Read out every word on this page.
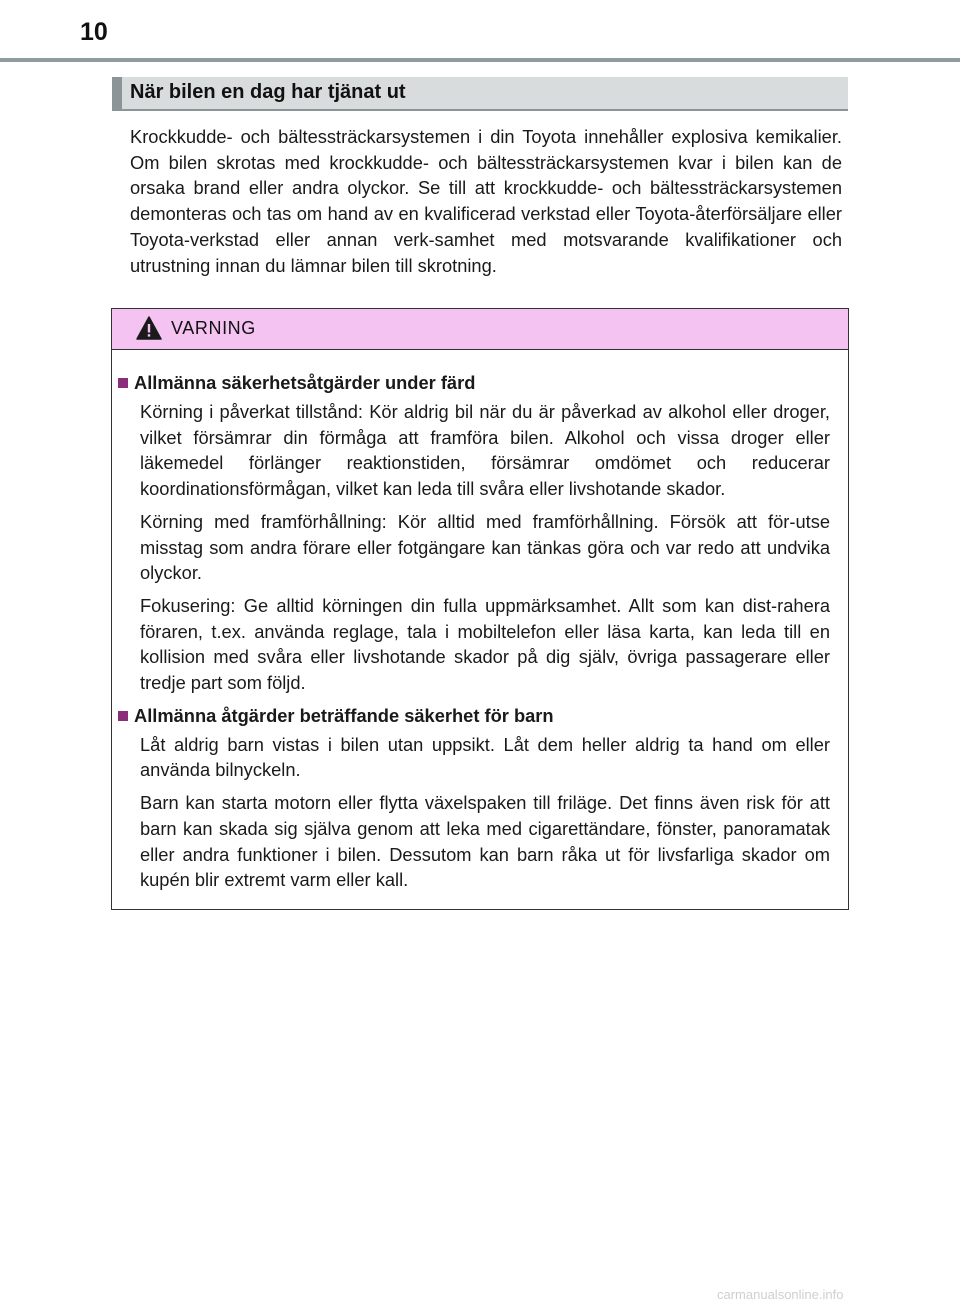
10
När bilen en dag har tjänat ut

Krockkudde- och bältessträckarsystemen i din Toyota innehåller explosiva kemikalier. Om bilen skrotas med krockkudde- och bältessträckarsystemen kvar i bilen kan de orsaka brand eller andra olyckor. Se till att krockkudde- och bältessträckarsystemen demonteras och tas om hand av en kvalificerad verkstad eller Toyota-återförsäljare eller Toyota-verkstad eller annan verk-samhet med motsvarande kvalifikationer och utrustning innan du lämnar bilen till skrotning.

VARNING
Allmänna säkerhetsåtgärder under färd

Körning i påverkat tillstånd: Kör aldrig bil när du är påverkad av alkohol eller droger, vilket försämrar din förmåga att framföra bilen. Alkohol och vissa droger eller läkemedel förlänger reaktionstiden, försämrar omdömet och reducerar koordinationsförmågan, vilket kan leda till svåra eller livshotande skador.

Körning med framförhållning: Kör alltid med framförhållning. Försök att för-utse misstag som andra förare eller fotgängare kan tänkas göra och var redo att undvika olyckor.

Fokusering: Ge alltid körningen din fulla uppmärksamhet. Allt som kan dist-rahera föraren, t.ex. använda reglage, tala i mobiltelefon eller läsa karta, kan leda till en kollision med svåra eller livshotande skador på dig själv, övriga passagerare eller tredje part som följd.

Allmänna åtgärder beträffande säkerhet för barn

Låt aldrig barn vistas i bilen utan uppsikt. Låt dem heller aldrig ta hand om eller använda bilnyckeln.

Barn kan starta motorn eller flytta växelspaken till friläge. Det finns även risk för att barn kan skada sig själva genom att leka med cigarettändare, fönster, panoramatak eller andra funktioner i bilen. Dessutom kan barn råka ut för livsfarliga skador om kupén blir extremt varm eller kall.

carmanualsonline.info
